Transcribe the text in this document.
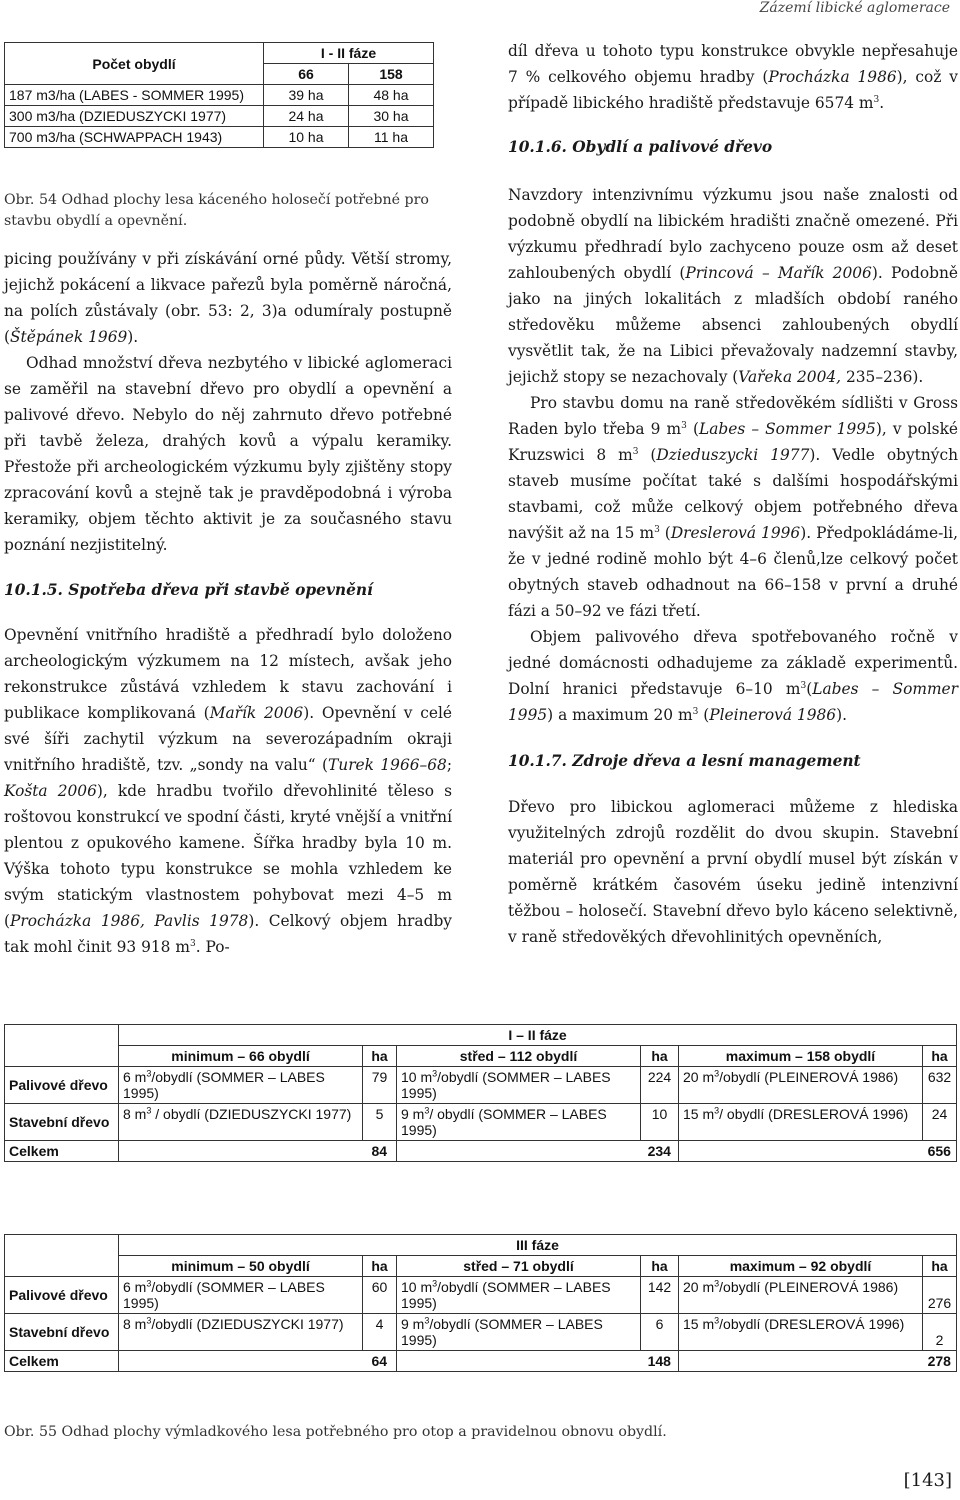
Zázemí libické aglomerace
Počet obydlí	I - II fáze	
	66	158
187 m3/ha (LABES - SOMMER 1995)	39 ha	48 ha
300 m3/ha (DZIEDUSZYCKI 1977)	24 ha	30 ha
700 m3/ha (SCHWAPPACH 1943)	10 ha	11 ha
Obr. 54 Odhad plochy lesa káceného holosečí potřebné pro stavbu obydlí a opevnění.

picing používány v při získávání orné půdy. Větší stromy, jejichž pokácení a likvace pařezů byla poměrně náročná, na polích zůstávaly (obr. 53: 2, 3)a odumíraly postupně (Štěpánek 1969).

Odhad množství dřeva nezbytého v libické aglomeraci se zaměřil na stavební dřevo pro obydlí a opevnění a palivové dřevo. Nebylo do něj zahrnuto dřevo potřebné při tavbě železa, drahých kovů a výpalu keramiky. Přestože při archeologickém výzkumu byly zjištěny stopy zpracování kovů a stejně tak je pravděpodobná i výroba keramiky, objem těchto aktivit je za současného stavu poznání nezjistitelný.

10.1.5. Spotřeba dřeva při stavbě opevnění

Opevnění vnitřního hradiště a předhradí bylo doloženo archeologickým výzkumem na 12 místech, avšak jeho rekonstrukce zůstává vzhledem k stavu zachování i publikace komplikovaná (Mařík 2006). Opevnění v celé své šíři zachytil výzkum na severozápadním okraji vnitřního hradiště, tzv. „sondy na valu“ (Turek 1966–68; Košta 2006), kde hradbu tvořilo dřevohlinité těleso s roštovou konstrukcí ve spodní části, kryté vnější a vnitřní plentou z opukového kamene. Šířka hradby byla 10 m. Výška tohoto typu konstrukce se mohla vzhledem ke svým statickým vlastnostem pohybovat mezi 4–5 m (Procházka 1986, Pavlis 1978). Celkový objem hradby tak mohl činit 93 918 $m^3$. Po-

díl dřeva u tohoto typu konstrukce obvykle nepřesahuje 7 % celkového objemu hradby (Procházka 1986), což v případě libického hradiště představuje 6574 $m^3$.

10.1.6. Obydlí a palivové dřevo

Navzdory intenzivnímu výzkumu jsou naše znalosti od podobně obydlí na libickém hradišti značně omezené. Při výzkumu předhradí bylo zachyceno pouze osm až deset zahloubených obydlí (Princová – Mařík 2006). Podobně jako na jiných lokalitách z mladších období raného středověku můžeme absenci zahloubených obydlí vysvětlit tak, že na Libici převažovaly nadzemní stavby, jejichž stopy se nezachovaly (Vařeka 2004, 235–236).

Pro stavbu domu na raně středověkém sídlišti v Gross Raden bylo třeba 9 $m^3$ (Labes – Sommer 1995), v polské Kruzswici 8 $m^3$ (Dzieduszycki 1977). Vedle obytných staveb musíme počítat také s dalšími hospodářskými stavbami, což může celkový objem potřebného dřeva navýšit až na 15 $m^3$ (Dreslerová 1996). Předpokládáme-li, že v jedné rodině mohlo být 4–6 členů,lze celkový počet obytných staveb odhadnout na 66–158 v první a druhé fázi a 50–92 ve fázi třetí.

Objem palivového dřeva spotřebovaného ročně v jedné domácnosti odhadujeme za základě experimentů. Dolní hranici představuje 6–10 $m^3(Labes$ – Sommer 1995) a maximum 20 $m^3$ (Pleinerová 1986).

10.1.7. Zdroje dřeva a lesní management

Dřevo pro libickou aglomeraci můžeme z hlediska využitelných zdrojů rozdělit do dvou skupin. Stavební materiál pro opevnění a první obydlí musel být získán v poměrně krátkém časovém úseku jedině intenzivní těžbou – holosečí. Stavební dřevo bylo káceno selektivně, v raně středověkých dřevohlinitých opevněních,

	I – II fáze					
	minimum – 66 obydlí	ha	střed – 112 obydlí	ha	maximum – 158 obydlí	ha
Palivové dřevo	6 $m^3$/obydlí (SOMMER – LABES 1995)	79	10 $m^3$/obydlí (SOMMER – LABES 1995)	224	20 $m^3$/obydlí (PLEINEROVÁ 1986)	632
Stavební dřevo	8 $m^3$ / obydlí (DZIEDUSZYCKI 1977)	5	9 $m^3/$ obydlí (SOMMER – LABES 1995)	10	15 $m^3/$ obydlí (DRESLEROVÁ 1996)	24
Celkem		84		234		656
	III fáze					
	minimum – 50 obydlí	ha	střed – 71 obydlí	ha	maximum – 92 obydlí	ha
Palivové dřevo	6 $m^3$/obydlí (SOMMER – LABES 1995)	60	10 $m^3$/obydlí (SOMMER – LABES 1995)	142	20 $m^3$/obydlí (PLEINEROVÁ 1986)	276
Stavební dřevo	8 $m^3$/obydlí (DZIEDUSZYCKI 1977)	4	9 $m^3$/obydlí (SOMMER – LABES 1995)	6	15 $m^3$/obydlí (DRESLEROVÁ 1996)	2
Celkem		64		148		278
Obr. 55 Odhad plochy výmladkového lesa potřebného pro otop a pravidelnou obnovu obydlí.
[143]
